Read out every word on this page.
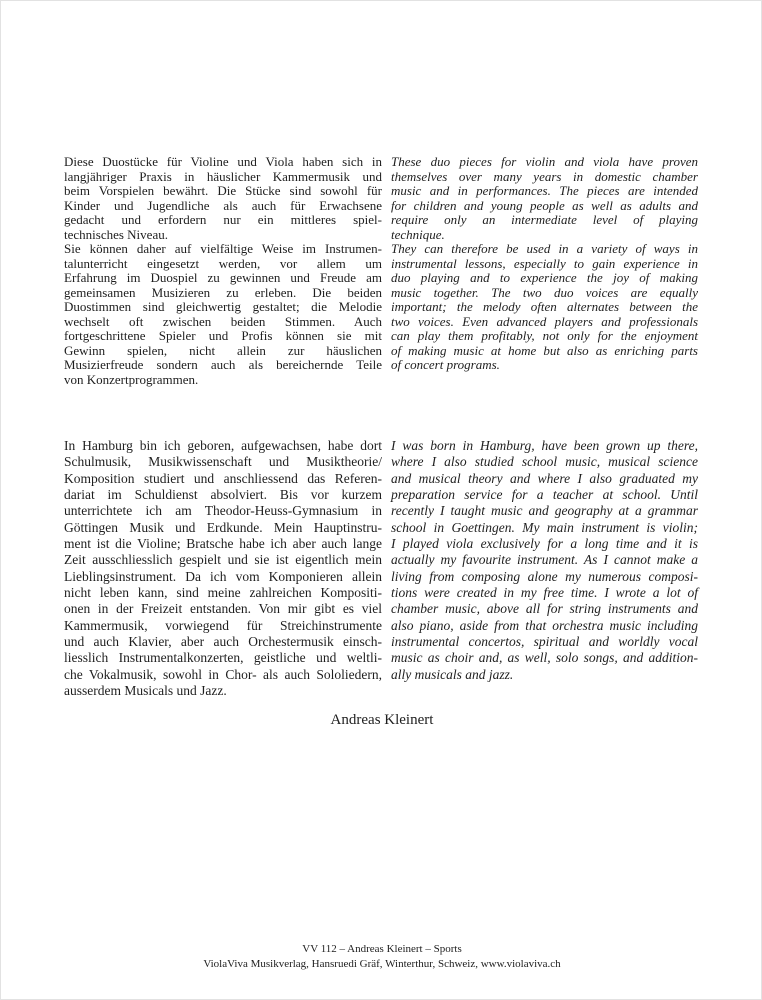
Diese Duostücke für Violine und Viola haben sich in
langjähriger Praxis in häuslicher Kammermusik und
beim Vorspielen bewährt. Die Stücke sind sowohl für
Kinder und Jugendliche als auch für Erwachsene
gedacht und erfordern nur ein mittleres spiel-
technisches Niveau.
Sie können daher auf vielfältige Weise im Instrumen-
talunterricht eingesetzt werden, vor allem um
Erfahrung im Duospiel zu gewinnen und Freude am
gemeinsamen Musizieren zu erleben. Die beiden
Duostimmen sind gleichwertig gestaltet; die Melodie
wechselt oft zwischen beiden Stimmen. Auch
fortgeschrittene Spieler und Profis können sie mit
Gewinn spielen, nicht allein zur häuslichen
Musizierfreude sondern auch als bereichernde Teile
von Konzertprogrammen.
These duo pieces for violin and viola have proven
themselves over many years in domestic chamber
music and in performances. The pieces are intended
for children and young people as well as adults and
require only an intermediate level of playing
technique.
They can therefore be used in a variety of ways in
instrumental lessons, especially to gain experience in
duo playing and to experience the joy of making
music together. The two duo voices are equally
important; the melody often alternates between the
two voices. Even advanced players and professionals
can play them profitably, not only for the enjoyment
of making music at home but also as enriching parts
of concert programs.
In Hamburg bin ich geboren, aufgewachsen, habe dort
Schulmusik, Musikwissenschaft und Musiktheorie/
Komposition studiert und anschliessend das Referen-
dariat im Schuldienst absolviert. Bis vor kurzem
unterrichtete ich am Theodor-Heuss-Gymnasium in
Göttingen Musik und Erdkunde. Mein Hauptinstru-
ment ist die Violine; Bratsche habe ich aber auch lange
Zeit ausschliesslich gespielt und sie ist eigentlich mein
Lieblingsinstrument. Da ich vom Komponieren allein
nicht leben kann, sind meine zahlreichen Kompositi-
onen in der Freizeit entstanden. Von mir gibt es viel
Kammermusik, vorwiegend für Streichinstrumente
und auch Klavier, aber auch Orchestermusik einsch-
liesslich Instrumentalkonzerten, geistliche und weltli-
che Vokalmusik, sowohl in Chor- als auch Sololiedern,
ausserdem Musicals und Jazz.
I was born in Hamburg, have been grown up there,
where I also studied school music, musical science
and musical theory and where I also graduated my
preparation service for a teacher at school. Until
recently I taught music and geography at a grammar
school in Goettingen. My main instrument is violin;
I played viola exclusively for a long time and it is
actually my favourite instrument. As I cannot make a
living from composing alone my numerous composi-
tions were created in my free time. I wrote a lot of
chamber music, above all for string instruments and
also piano, aside from that orchestra music including
instrumental concertos, spiritual and worldly vocal
music as choir and, as well, solo songs, and addition-
ally musicals and jazz.
Andreas Kleinert
VV 112 – Andreas Kleinert – Sports
ViolaViva Musikverlag, Hansruedi Gräf, Winterthur, Schweiz, www.violaviva.ch
